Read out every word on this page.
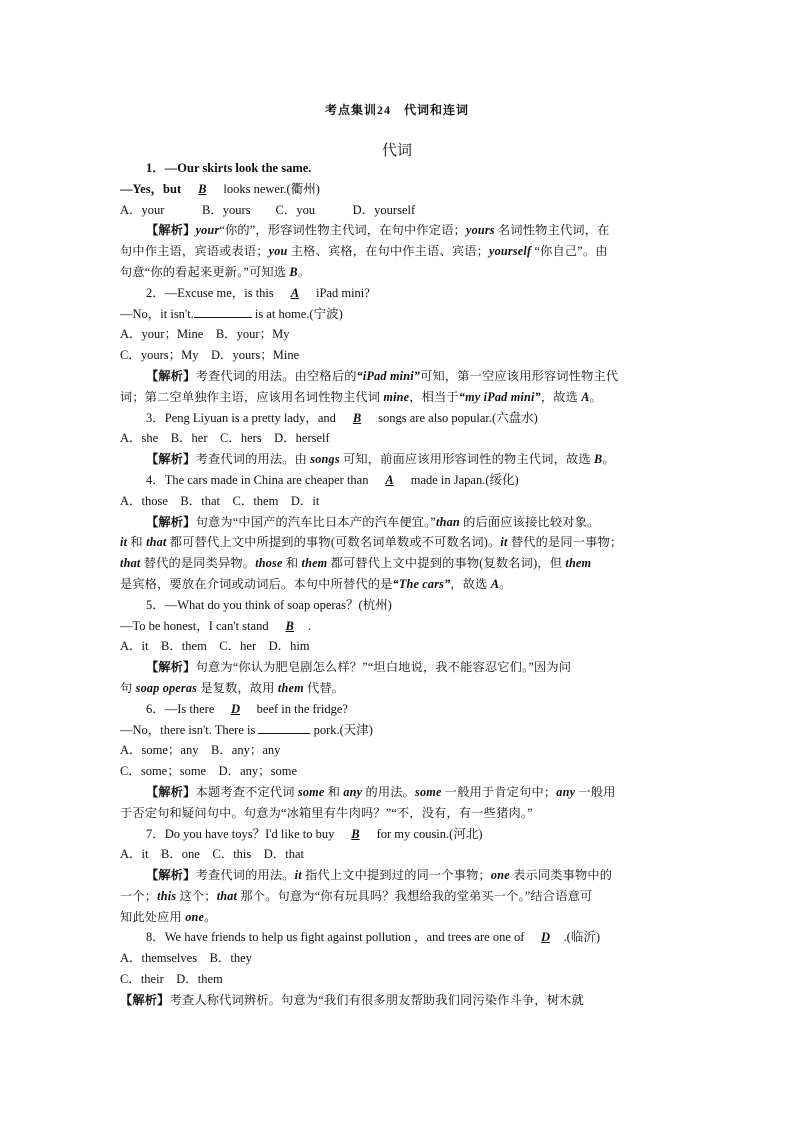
考点集训24　代词和连词
代词
1．—Our skirts look the same.
—Yes，but B looks newer.(衢州)
A．your　　　B．yours　　C．you　　　D．yourself
【解析】your“你的”，形容词性物主代词，在句中作定语；yours 名词性物主代词，在
句中作主语，宾语或表语；you 主格、宾格，在句中作主语、宾语；yourself “你自己”。由
句意“你的看起来更新。”可知选 B。
2．—Excuse me，is this A iPad mini?
—No，it isn't.	is at home.(宁波)
A．your；Mine　B．your；My
C．yours；My　D．yours；Mine
【解析】考查代词的用法。由空格后的“iPad mini”可知，第一空应该用形容词性物主代
词；第二空单独作主语，应该用名词性物主代词 mine，相当于“my iPad mini”，故选 A。
3．Peng Liyuan is a pretty lady，and B songs are also popular.(六盘水)
A．she　B．her　C．hers　D．herself
【解析】考查代词的用法。由 songs 可知，前面应该用形容词性的物主代词，故选 B。
4．The cars made in China are cheaper than A made in Japan.(绥化)
A．those　B．that　C．them　D．it
【解析】句意为“中国产的汽车比日本产的汽车便宜。”than 的后面应该接比较对象。
it 和 that 都可替代上文中所提到的事物(可数名词单数或不可数名词)。it 替代的是同一事物；
that 替代的是同类异物。those 和 them 都可替代上文中提到的事物(复数名词)，但 them
是宾格，要放在介词或动词后。本句中所替代的是“The cars”，故选 A。
5．—What do you think of soap operas？(杭州)
—To be honest，I can't stand B .
A．it　B．them　C．her　D．him
【解析】句意为“你认为肥皂剧怎么样？”“坦白地说，我不能容忍它们。”因为问
句 soap operas 是复数，故用 them 代替。
6．—Is there D beef in the fridge?
—No，there isn't. There is	pork.(天津)
A．some；any　B．any；any
C．some；some　D．any；some
【解析】本题考查不定代词 some 和 any 的用法。some 一般用于肯定句中；any 一般用
于否定句和疑问句中。句意为“冰箱里有牛肉吗？”“不，没有，有一些猪肉。”
7．Do you have toys？I'd like to buy B for my cousin.(河北)
A．it　B．one　C．this　D．that
【解析】考查代词的用法。it 指代上文中提到过的同一个事物；one 表示同类事物中的
一个；this 这个；that 那个。句意为“你有玩具吗？我想给我的堂弟买一个。”结合语意可
知此处应用 one。
8．We have friends to help us fight against pollution ，and trees are one of D .(临沂)
A．themselves　B．they
C．their　D．them
【解析】考查人称代词辨析。句意为“我们有很多朋友帮助我们同污染作斗争，树木就
